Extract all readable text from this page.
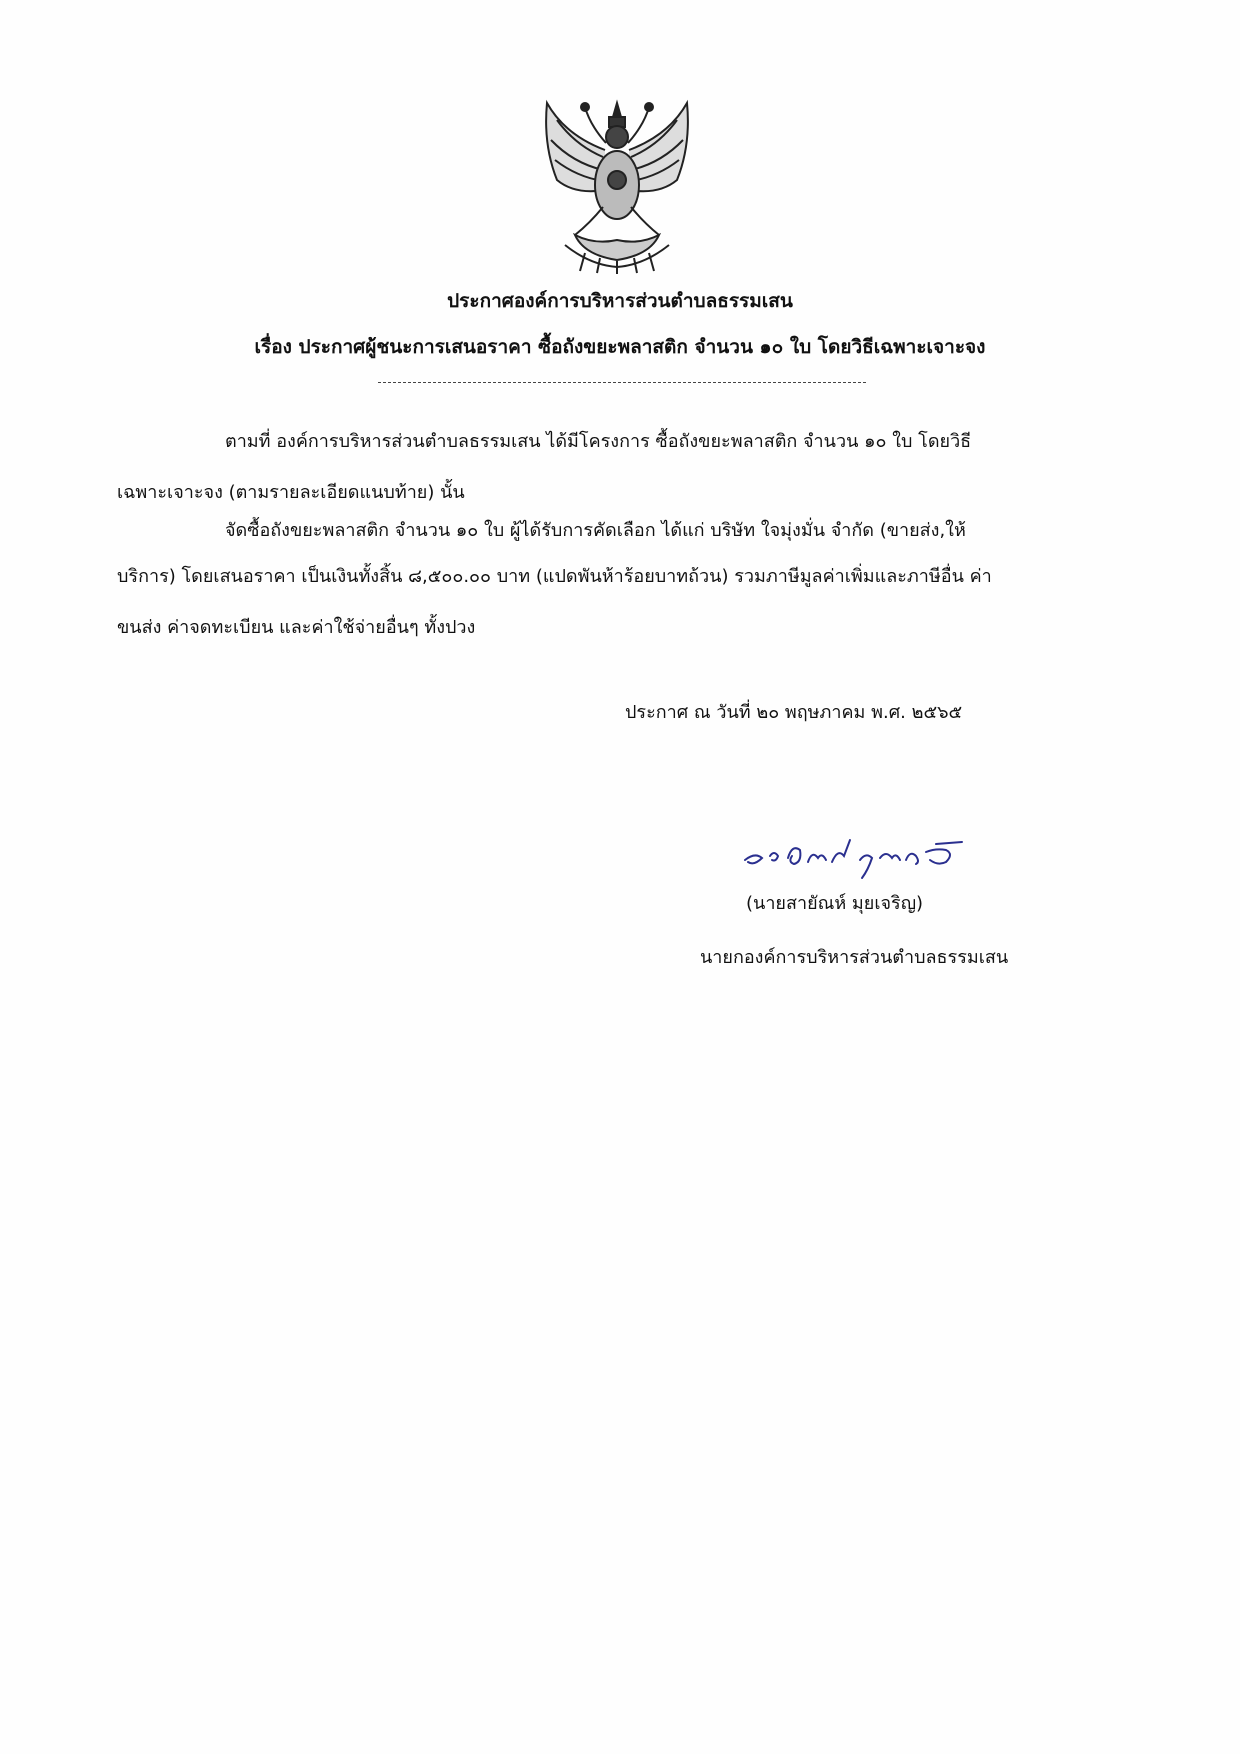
ประกาศองค์การบริหารส่วนตำบลธรรมเสน
เรื่อง ประกาศผู้ชนะการเสนอราคา ซื้อถังขยะพลาสติก จำนวน ๑๐ ใบ โดยวิธีเฉพาะเจาะจง
ตามที่ องค์การบริหารส่วนตำบลธรรมเสน ได้มีโครงการ ซื้อถังขยะพลาสติก จำนวน ๑๐ ใบ โดยวิธี
เฉพาะเจาะจง (ตามรายละเอียดแนบท้าย) นั้น
จัดซื้อถังขยะพลาสติก จำนวน ๑๐ ใบ ผู้ได้รับการคัดเลือก ได้แก่ บริษัท ใจมุ่งมั่น จำกัด (ขายส่ง,ให้
บริการ) โดยเสนอราคา เป็นเงินทั้งสิ้น ๘,๕๐๐.๐๐ บาท (แปดพันห้าร้อยบาทถ้วน) รวมภาษีมูลค่าเพิ่มและภาษีอื่น ค่า
ขนส่ง ค่าจดทะเบียน และค่าใช้จ่ายอื่นๆ ทั้งปวง
ประกาศ ณ วันที่ ๒๐ พฤษภาคม พ.ศ. ๒๕๖๕
(นายสายัณห์ มุยเจริญ)
นายกองค์การบริหารส่วนตำบลธรรมเสน
